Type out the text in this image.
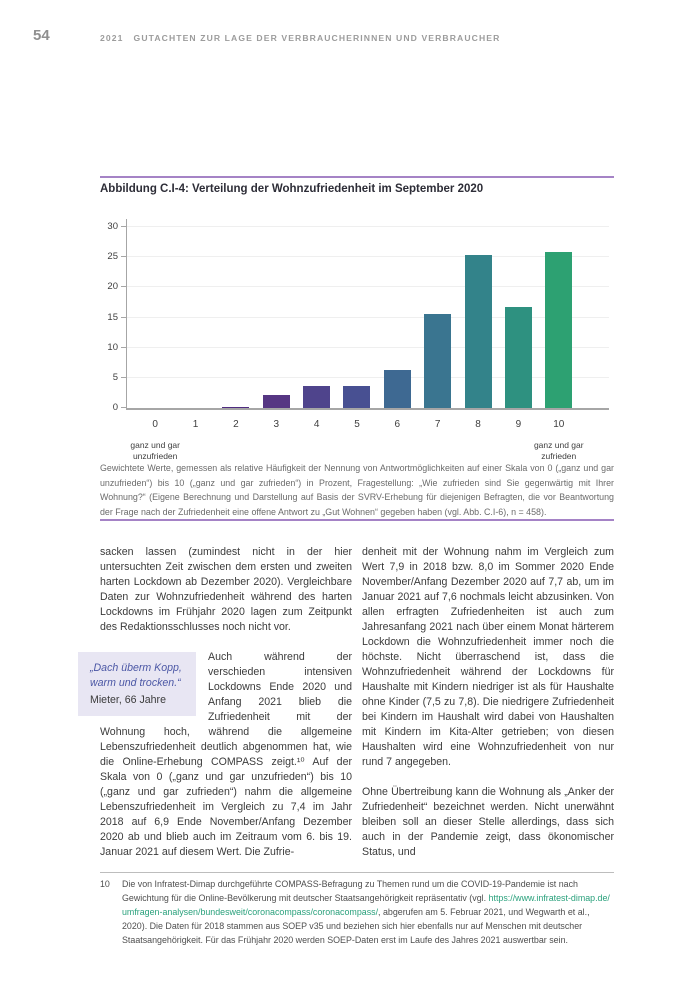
54	2021 GUTACHTEN ZUR LAGE DER VERBRAUCHERINNEN UND VERBRAUCHER
Abbildung C.I-4: Verteilung der Wohnzufriedenheit im September 2020
0
5
10
15
20
25
30
0
ganz und gar unzufrieden
1	2	3	4	5	6	7	8	9	10
ganz und gar zufrieden

Gewichtete Werte, gemessen als relative Häufigkeit der Nennung von Antwortmöglichkeiten auf einer Skala von 0 („ganz und gar unzufrieden“) bis 10 („ganz und gar zufrieden“) in Prozent, Fragestellung: „Wie zufrieden sind Sie gegenwärtig mit Ihrer Wohnung?“ (Eigene Berechnung und Darstellung auf Basis der SVRV-Erhebung für diejenigen Befragten, die vor Beantwortung der Frage nach der Zufriedenheit eine offene Antwort zu „Gut Wohnen“ gegeben haben (vgl. Abb. C.I-6), n = 458).

sacken lassen (zumindest nicht in der hier untersuchten Zeit zwischen dem ersten und zweiten harten Lockdown ab Dezember 2020). Vergleichbare Daten zur Wohnzufriedenheit während des harten Lockdowns im Frühjahr 2020 lagen zum Zeitpunkt des Redaktionsschlusses noch nicht vor.

„Dach überm Kopp, warm und trocken.“
Mieter, 66 Jahre
Auch während der verschieden intensiven Lockdowns Ende 2020 und Anfang 2021 blieb die Zufriedenheit mit der Wohnung hoch, während die allgemeine Lebenszufriedenheit deutlich abgenommen hat, wie die Online-Erhebung COMPASS zeigt.¹⁰ Auf der Skala von 0 („ganz und gar unzufrieden“) bis 10 („ganz und gar zufrieden“) nahm die allgemeine Lebenszufriedenheit im Vergleich zu 7,4 im Jahr 2018 auf 6,9 Ende November/Anfang Dezember 2020 ab und blieb auch im Zeitraum vom 6. bis 19. Januar 2021 auf diesem Wert. Die Zufrie-

denheit mit der Wohnung nahm im Vergleich zum Wert 7,9 in 2018 bzw. 8,0 im Sommer 2020 Ende November/Anfang Dezember 2020 auf 7,7 ab, um im Januar 2021 auf 7,6 nochmals leicht abzusinken. Von allen erfragten Zufriedenheiten ist auch zum Jahresanfang 2021 nach über einem Monat härterem Lockdown die Wohnzufriedenheit immer noch die höchste. Nicht überraschend ist, dass die Wohnzufriedenheit während der Lockdowns für Haushalte mit Kindern niedriger ist als für Haushalte ohne Kinder (7,5 zu 7,8). Die niedrigere Zufriedenheit bei Kindern im Haushalt wird dabei von Haushalten mit Kindern im Kita-Alter getrieben; von diesen Haushalten wird eine Wohnzufriedenheit von nur rund 7 angegeben.

Ohne Übertreibung kann die Wohnung als „Anker der Zufriedenheit“ bezeichnet werden. Nicht unerwähnt bleiben soll an dieser Stelle allerdings, dass sich auch in der Pandemie zeigt, dass ökonomischer Status, und

10	Die von Infratest-Dimap durchgeführte COMPASS-Befragung zu Themen rund um die COVID-19-Pandemie ist nach Gewichtung für die Online-Bevölkerung mit deutscher Staatsangehörigkeit repräsentativ (vgl. https://www.infratest-dimap.de/umfragen-analysen/bundesweit/coronacompass/coronacompass/, abgerufen am 5. Februar 2021, und Wegwarth et al., 2020). Die Daten für 2018 stammen aus SOEP v35 und beziehen sich hier ebenfalls nur auf Menschen mit deutscher Staatsangehörigkeit. Für das Frühjahr 2020 werden SOEP-Daten erst im Laufe des Jahres 2021 auswertbar sein.
